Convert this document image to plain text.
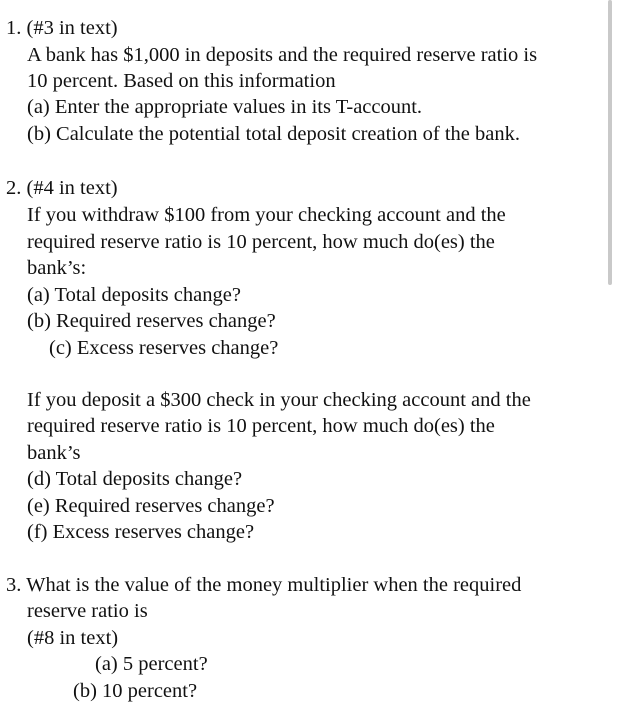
1. (#3 in text)
A bank has $1,000 in deposits and the required reserve ratio is
10 percent. Based on this information
(a) Enter the appropriate values in its T-account.
(b) Calculate the potential total deposit creation of the bank.
2. (#4 in text)
If you withdraw $100 from your checking account and the
required reserve ratio is 10 percent, how much do(es) the
bank’s:
(a) Total deposits change?
(b) Required reserves change?
(c) Excess reserves change?
If you deposit a $300 check in your checking account and the
required reserve ratio is 10 percent, how much do(es) the
bank’s
(d) Total deposits change?
(e) Required reserves change?
(f) Excess reserves change?
3. What is the value of the money multiplier when the required
reserve ratio is
(#8 in text)
(a) 5 percent?
(b) 10 percent?
